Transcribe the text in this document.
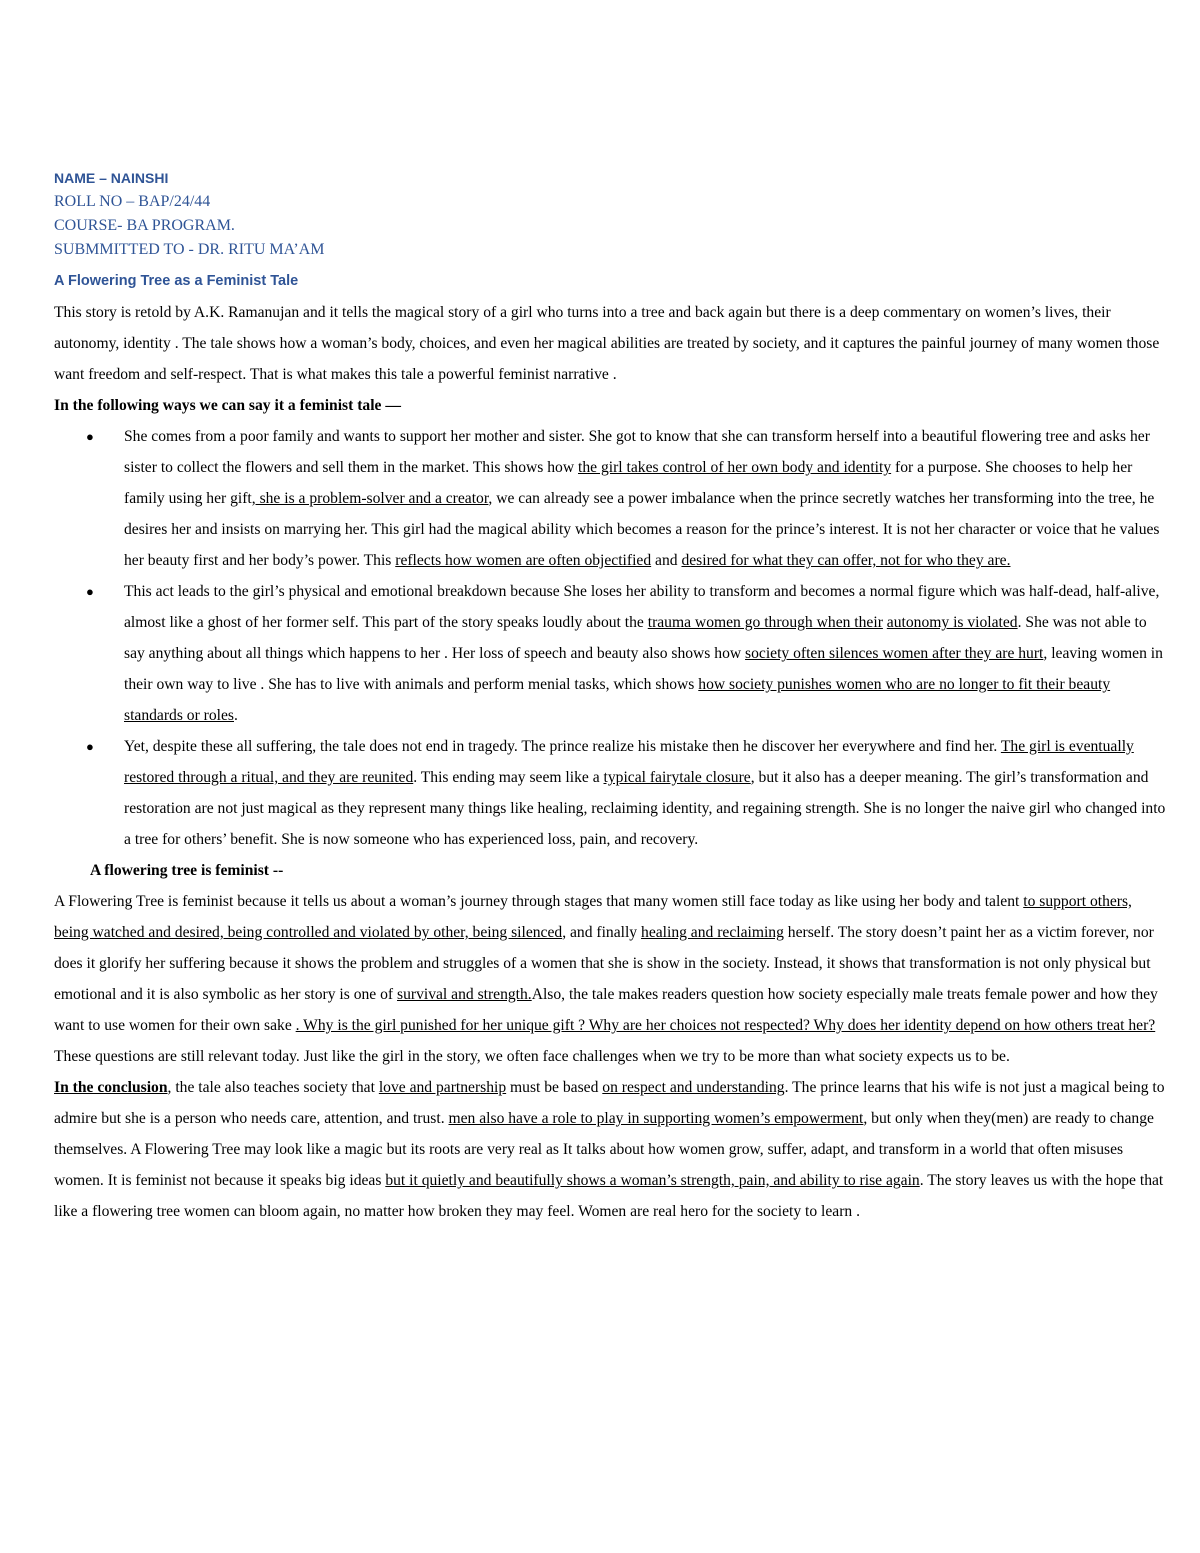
NAME – NAINSHI
ROLL NO – BAP/24/44
COURSE- BA PROGRAM.
SUBMMITTED TO - DR. RITU MA’AM
A Flowering Tree as a Feminist Tale

This story is retold by A.K. Ramanujan and it tells the magical story of a girl who turns into a tree and back again but there is a deep commentary on women’s lives, their autonomy, identity . The tale shows how a woman’s body, choices, and even her magical abilities are treated by society, and it captures the painful journey of many women those want freedom and self-respect. That is what makes this tale a powerful feminist narrative .

In the following ways we can say it a feminist tale —

● She comes from a poor family and wants to support her mother and sister. She got to know that she can transform herself into a beautiful flowering tree and asks her sister to collect the flowers and sell them in the market. This shows how the girl takes control of her own body and identity for a purpose. She chooses to help her family using her gift, she is a problem-solver and a creator, we can already see a power imbalance when the prince secretly watches her transforming into the tree, he desires her and insists on marrying her. This girl had the magical ability which becomes a reason for the prince’s interest. It is not her character or voice that he values her beauty first and her body’s power. This reflects how women are often objectified and desired for what they can offer, not for who they are.
● This act leads to the girl’s physical and emotional breakdown because She loses her ability to transform and becomes a normal figure which was half-dead, half-alive, almost like a ghost of her former self. This part of the story speaks loudly about the trauma women go through when their autonomy is violated. She was not able to say anything about all things which happens to her . Her loss of speech and beauty also shows how society often silences women after they are hurt, leaving women in their own way to live . She has to live with animals and perform menial tasks, which shows how society punishes women who are no longer to fit their beauty standards or roles.
● Yet, despite these all suffering, the tale does not end in tragedy. The prince realize his mistake then he discover her everywhere and find her. The girl is eventually restored through a ritual, and they are reunited. This ending may seem like a typical fairytale closure, but it also has a deeper meaning. The girl’s transformation and restoration are not just magical as they represent many things like healing, reclaiming identity, and regaining strength. She is no longer the naive girl who changed into a tree for others’ benefit. She is now someone who has experienced loss, pain, and recovery.

A flowering tree is feminist --

A Flowering Tree is feminist because it tells us about a woman’s journey through stages that many women still face today as like using her body and talent to support others, being watched and desired, being controlled and violated by other, being silenced, and finally healing and reclaiming herself. The story doesn’t paint her as a victim forever, nor does it glorify her suffering because it shows the problem and struggles of a women that she is show in the society. Instead, it shows that transformation is not only physical but emotional and it is also symbolic as her story is one of survival and strength.Also, the tale makes readers question how society especially male treats female power and how they want to use women for their own sake . Why is the girl punished for her unique gift ? Why are her choices not respected? Why does her identity depend on how others treat her? These questions are still relevant today. Just like the girl in the story, we often face challenges when we try to be more than what society expects us to be.

In the conclusion, the tale also teaches society that love and partnership must be based on respect and understanding. The prince learns that his wife is not just a magical being to admire but she is a person who needs care, attention, and trust. men also have a role to play in supporting women’s empowerment, but only when they(men) are ready to change themselves. A Flowering Tree may look like a magic but its roots are very real as It talks about how women grow, suffer, adapt, and transform in a world that often misuses women. It is feminist not because it speaks big ideas but it quietly and beautifully shows a woman’s strength, pain, and ability to rise again. The story leaves us with the hope that like a flowering tree women can bloom again, no matter how broken they may feel. Women are real hero for the society to learn .
